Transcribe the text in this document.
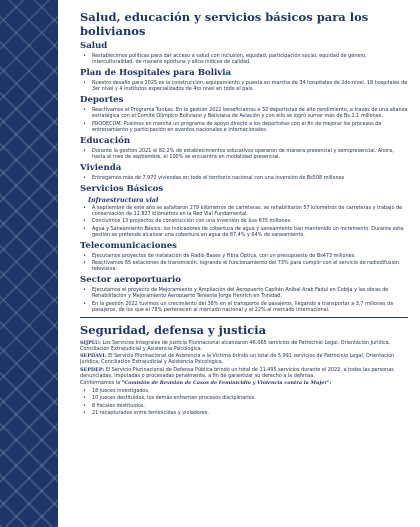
Salud, educación y servicios básicos para los bolivianos
Salud
• Restablecimos políticas para dar acceso a salud con inclusión, equidad, participación social, equidad de género, interculturalidad, de manera oportuna y altos índices de calidad.
Plan de Hospitales para Bolivia
• Nuestro desafío para 2025 es la construcción, equipamiento y puesta en marcha de 34 hospitales de 2do nivel, 18 hospitales de 3er nivel y 4 institutos especializados de 4to nivel en todo el país.
Deportes
• Reactivamos el Programa Tunkas. En la gestión 2022 beneficiamos a 32 deportistas de alto rendimiento, a través de una alianza estratégica con el Comité Olímpico Boliviano y Bolivianа de Aviación y con ello se logró sumar más de Bs.1.1 millones.
• PRODECOM: Pusimos en marcha un programa de apoyo directo a los deportistas con el fin de mejorar los procesos de entrenamiento y participación en eventos nacionales e internacionales.
Educación
• Durante la gestión 2021 el 82,2% de establecimientos educativos operaron de manera presencial y semipresencial. Ahora, hasta el mes de septiembre, el 100% se encuentra en modalidad presencial.
Vivienda
• Entregamos más de 7.970 viviendas en todo el territorio nacional con una inversión de Bs508 millones
Servicios Básicos
Infraestructura vial
• A septiembre de este año se asfaltaron 279 kilómetros de carreteras, se rehabilitaron 57 kilómetros de carreteras y trabajo de conservación de 12.827 kilómetros en la Red Vial Fundamental.
• Concluimos 13 proyectos de construcción con una inversión de $us 675 millones.
• Agua y Saneamiento Básico: los indicadores de cobertura de agua y saneamiento han mantenido un incremento. Durante esta gestión se pretende alcanzar una cobertura en agua de 87,4% y 64% de saneamiento.
Telecomunicaciones
• Ejecutamos proyectos de instalación de Radio Bases y Fibra Óptica, con un presupuesto de Bs473 millones.
• Reactivamos 65 estaciones de transmisión, logrando el funcionamiento del 73% para cumplir con el servicio de radiodifusión televisiva.
Sector aeroportuario
• Ejecutamos el proyecto de Mejoramiento y Ampliación del Aeropuerto Capitán Aníbal Arab Fadul en Cobija y las obras de Rehabilitación y Mejoramiento Aeropuerto Teniente Jorge Henrich en Trinidad.
• En la gestión 2022 tuvimos un crecimiento del 38% en el transporte de pasajeros, llegando a transportar a 3,7 millones de pasajeros, de los que el 78% pertenecen al mercado nacional y el 22% al mercado internacional.
Seguridad, defensa y justicia

SIJPLU: Los Servicios Integrales de Justicia Plurinacional alcanzaron 46.065 servicios de Patrocinio Legal, Orientación Jurídica, Conciliación Extrajudicial y Asistencia Psicológica.

SEPDAVI: El Servicio Plurinacional de Asistencia a la Víctima brindó un total de 5.991 servicios de Patrocinio Legal, Orientación Jurídica, Conciliación Extrajudicial y Asistencia Psicológica.

SEPDEP: El Servicio Plurinacional de Defensa Pública brindó un total de 11.495 servicios durante el 2022, a todas las personas denunciadas, imputadas o procesadas penalmente, a fin de garantizar su derecho a la defensa.

Conformamos la "Comisión de Revisión de Casos de Feminicidio y Violencia contra la Mujer":

• 18 jueces investigados.
• 10 jueces destituidos, los demás enfrentan procesos disciplinarios.
• 8 fiscales destituidos.
• 21 recapturados entre feminicidas y violadores.
